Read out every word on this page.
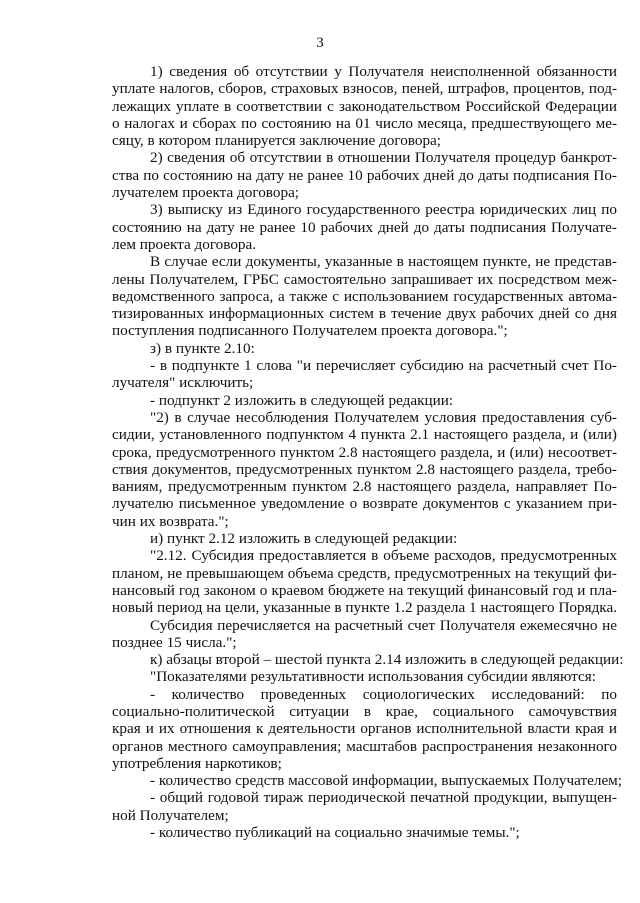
3
1) сведения об отсутствии у Получателя неисполненной обязанности
уплате налогов, сборов, страховых взносов, пеней, штрафов, процентов, под-
лежащих уплате в соответствии с законодательством Российской Федерации
о налогах и сборах по состоянию на 01 число месяца, предшествующего ме-
сяцу, в котором планируется заключение договора;
2) сведения об отсутствии в отношении Получателя процедур банкрот-
ства по состоянию на дату не ранее 10 рабочих дней до даты подписания По-
лучателем проекта договора;
3) выписку из Единого государственного реестра юридических лиц по
состоянию на дату не ранее 10 рабочих дней до даты подписания Получате-
лем проекта договора.
В случае если документы, указанные в настоящем пункте, не представ-
лены Получателем, ГРБС самостоятельно запрашивает их посредством меж-
ведомственного запроса, а также с использованием государственных автома-
тизированных информационных систем в течение двух рабочих дней со дня
поступления подписанного Получателем проекта договора.";
з) в пункте 2.10:
- в подпункте 1 слова "и перечисляет субсидию на расчетный счет По-
лучателя" исключить;
- подпункт 2 изложить в следующей редакции:
"2) в случае несоблюдения Получателем условия предоставления суб-
сидии, установленного подпунктом 4 пункта 2.1 настоящего раздела, и (или)
срока, предусмотренного пунктом 2.8 настоящего раздела, и (или) несоответ-
ствия документов, предусмотренных пунктом 2.8 настоящего раздела, требо-
ваниям, предусмотренным пунктом 2.8 настоящего раздела, направляет По-
лучателю письменное уведомление о возврате документов с указанием при-
чин их возврата.";
и) пункт 2.12 изложить в следующей редакции:
"2.12. Субсидия предоставляется в объеме расходов, предусмотренных
планом, не превышающем объема средств, предусмотренных на текущий фи-
нансовый год законом о краевом бюджете на текущий финансовый год и пла-
новый период на цели, указанные в пункте 1.2 раздела 1 настоящего Порядка.
Субсидия перечисляется на расчетный счет Получателя ежемесячно не
позднее 15 числа.";
к) абзацы второй – шестой пункта 2.14 изложить в следующей редакции:
"Показателями результативности использования субсидии являются:
- количество проведенных социологических исследований: по
социально-политической ситуации в крае, социального самочувствия
края и их отношения к деятельности органов исполнительной власти края и
органов местного самоуправления; масштабов распространения незаконного
употребления наркотиков;
- количество средств массовой информации, выпускаемых Получателем;
- общий годовой тираж периодической печатной продукции, выпущен-
ной Получателем;
- количество публикаций на социально значимые темы.";
